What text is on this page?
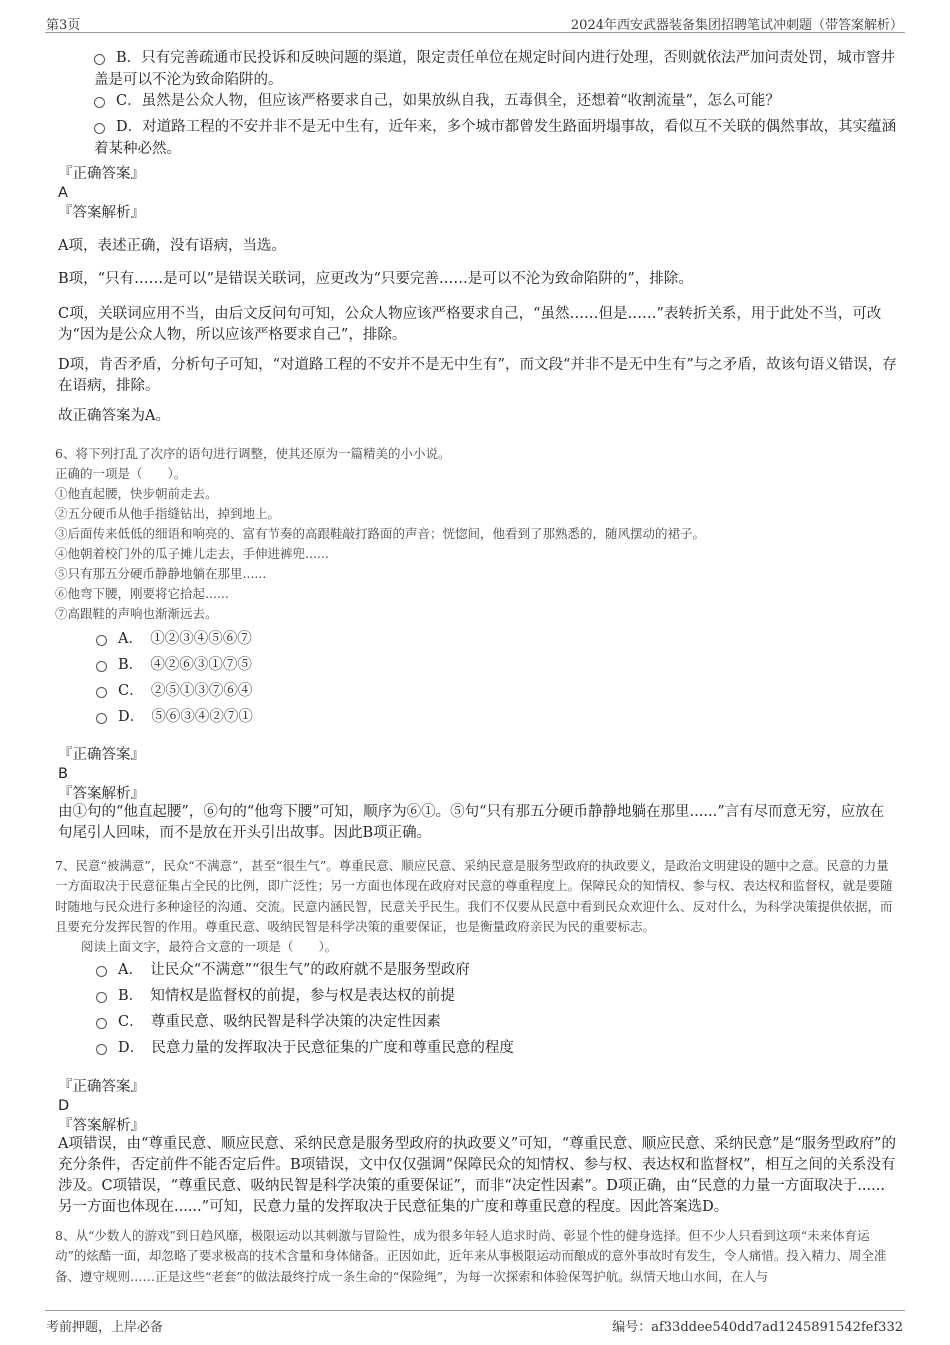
第3页	2024年西安武器装备集团招聘笔试冲刺题（带答案解析）
B．只有完善疏通市民投诉和反映问题的渠道，限定责任单位在规定时间内进行处理，否则就依法严加问责处罚，城市窨井盖是可以不沦为致命陷阱的。
C．虽然是公众人物，但应该严格要求自己，如果放纵自我，五毒俱全，还想着“收割流量”，怎么可能？
D．对道路工程的不安并非不是无中生有，近年来，多个城市都曾发生路面坍塌事故，看似互不关联的偶然事故，其实蕴涵着某种必然。
『正确答案』
A
『答案解析』
A项，表述正确，没有语病，当选。
B项，“只有……是可以”是错误关联词，应更改为“只要完善……是可以不沦为致命陷阱的”，排除。
C项，关联词应用不当，由后文反问句可知，公众人物应该严格要求自己，“虽然……但是……”表转折关系，用于此处不当，可改为“因为是公众人物，所以应该严格要求自己”，排除。
D项，肯否矛盾，分析句子可知，“对道路工程的不安并不是无中生有”，而文段“并非不是无中生有”与之矛盾，故该句语义错误，存在语病，排除。
故正确答案为A。
6、将下列打乱了次序的语句进行调整，使其还原为一篇精美的小小说。
正确的一项是（　　）。
①他直起腰，快步朝前走去。
②五分硬币从他手指缝钻出，掉到地上。
③后面传来低低的细语和响亮的、富有节奏的高跟鞋敲打路面的声音；恍惚间，他看到了那熟悉的，随风摆动的裙子。
④他朝着校门外的瓜子摊儿走去，手伸进裤兜......
⑤只有那五分硬币静静地躺在那里......
⑥他弯下腰，刚要将它拾起......
⑦高跟鞋的声响也渐渐远去。
A．　①②③④⑤⑥⑦
B．　④②⑥③①⑦⑤
C．　②⑤①③⑦⑥④
D．　⑤⑥③④②⑦①
『正确答案』
B
『答案解析』
由①句的“他直起腰”，⑥句的“他弯下腰”可知，顺序为⑥①。⑤句“只有那五分硬币静静地躺在那里......”言有尽而意无穷，应放在句尾引人回味，而不是放在开头引出故事。因此B项正确。
7、民意“被满意”，民众“不满意”，甚至“很生气”。尊重民意、顺应民意、采纳民意是服务型政府的执政要义，是政治文明建设的题中之意。民意的力量一方面取决于民意征集占全民的比例，即广泛性；另一方面也体现在政府对民意的尊重程度上。保障民众的知情权、参与权、表达权和监督权，就是要随时随地与民众进行多种途径的沟通、交流。民意内涵民智，民意关乎民生。我们不仅要从民意中看到民众欢迎什么、反对什么，为科学决策提供依据，而且要充分发挥民智的作用。尊重民意、吸纳民智是科学决策的重要保证，也是衡量政府亲民为民的重要标志。
阅读上面文字，最符合文意的一项是（　　）。
A．　让民众“不满意”“很生气”的政府就不是服务型政府
B．　知情权是监督权的前提，参与权是表达权的前提
C．　尊重民意、吸纳民智是科学决策的决定性因素
D．　民意力量的发挥取决于民意征集的广度和尊重民意的程度
『正确答案』
D
『答案解析』
A项错误，由“尊重民意、顺应民意、采纳民意是服务型政府的执政要义”可知，“尊重民意、顺应民意、采纳民意”是“服务型政府”的充分条件，否定前件不能否定后件。B项错误，文中仅仅强调“保障民众的知情权、参与权、表达权和监督权”，相互之间的关系没有涉及。C项错误，“尊重民意、吸纳民智是科学决策的重要保证”，而非“决定性因素”。D项正确，由“民意的力量一方面取决于......另一方面也体现在......”可知，民意力量的发挥取决于民意征集的广度和尊重民意的程度。因此答案选D。
8、从“少数人的游戏”到日趋风靡，极限运动以其刺激与冒险性，成为很多年轻人追求时尚、彰显个性的健身选择。但不少人只看到这项“未来体育运动”的炫酷一面，却忽略了要求极高的技术含量和身体储备。正因如此，近年来从事极限运动而酿成的意外事故时有发生，令人痛惜。投入精力、周全准备、遵守规则……正是这些“老套”的做法最终拧成一条生命的“保险绳”，为每一次探索和体验保驾护航。纵情天地山水间，在人与
考前押题，上岸必备	编号：af33ddee540dd7ad1245891542fef332
